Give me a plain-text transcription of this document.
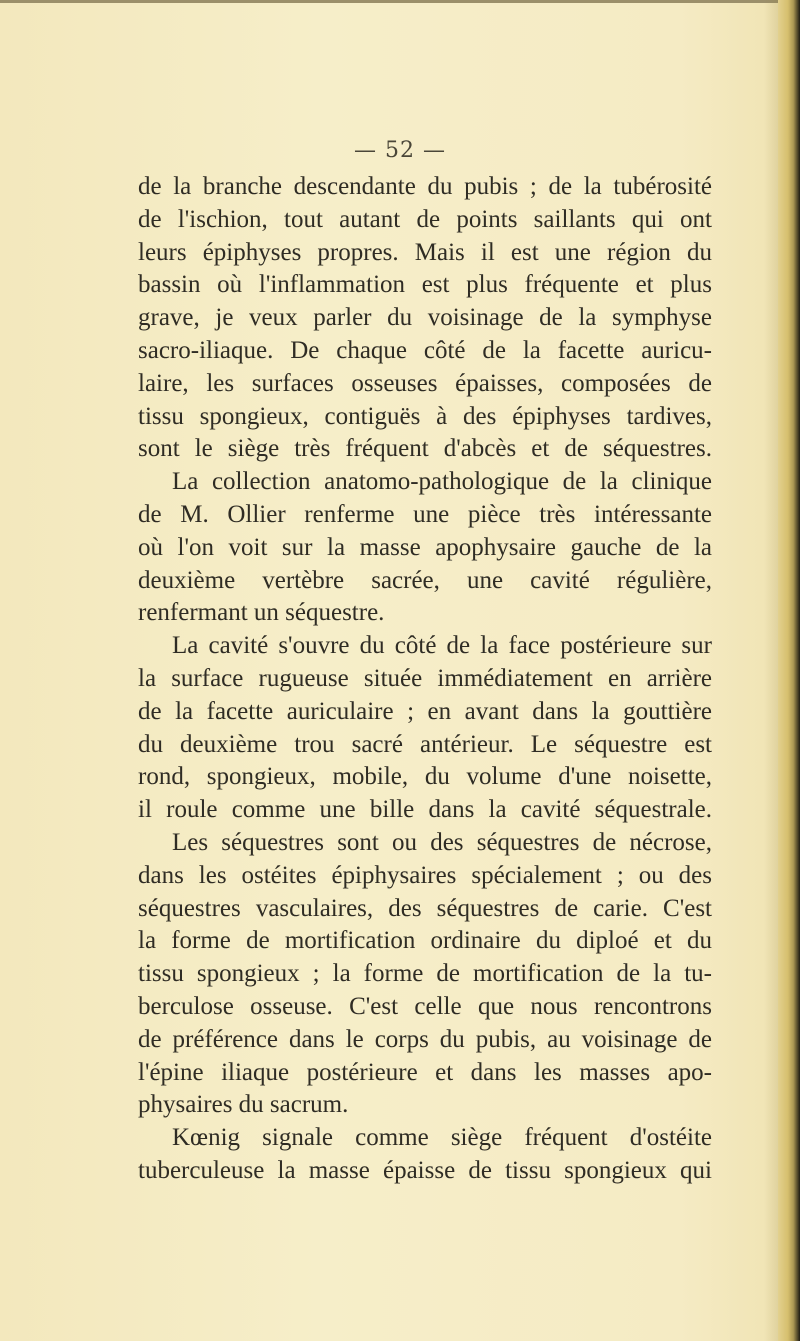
— 52 —
de la branche descendante du pubis ; de la tubérosité
de l'ischion, tout autant de points saillants qui ont
leurs épiphyses propres. Mais il est une région du
bassin où l'inflammation est plus fréquente et plus
grave, je veux parler du voisinage de la symphyse
sacro-iliaque. De chaque côté de la facette auricu-
laire, les surfaces osseuses épaisses, composées de
tissu spongieux, contiguës à des épiphyses tardives,
sont le siège très fréquent d'abcès et de séquestres.
La collection anatomo-pathologique de la clinique
de M. Ollier renferme une pièce très intéressante
où l'on voit sur la masse apophysaire gauche de la
deuxième vertèbre sacrée, une cavité régulière,
renfermant un séquestre.
La cavité s'ouvre du côté de la face postérieure sur
la surface rugueuse située immédiatement en arrière
de la facette auriculaire ; en avant dans la gouttière
du deuxième trou sacré antérieur. Le séquestre est
rond, spongieux, mobile, du volume d'une noisette,
il roule comme une bille dans la cavité séquestrale.
Les séquestres sont ou des séquestres de nécrose,
dans les ostéites épiphysaires spécialement ; ou des
séquestres vasculaires, des séquestres de carie. C'est
la forme de mortification ordinaire du diploé et du
tissu spongieux ; la forme de mortification de la tu-
berculose osseuse. C'est celle que nous rencontrons
de préférence dans le corps du pubis, au voisinage de
l'épine iliaque postérieure et dans les masses apo-
physaires du sacrum.
Kœnig signale comme siège fréquent d'ostéite
tuberculeuse la masse épaisse de tissu spongieux qui
